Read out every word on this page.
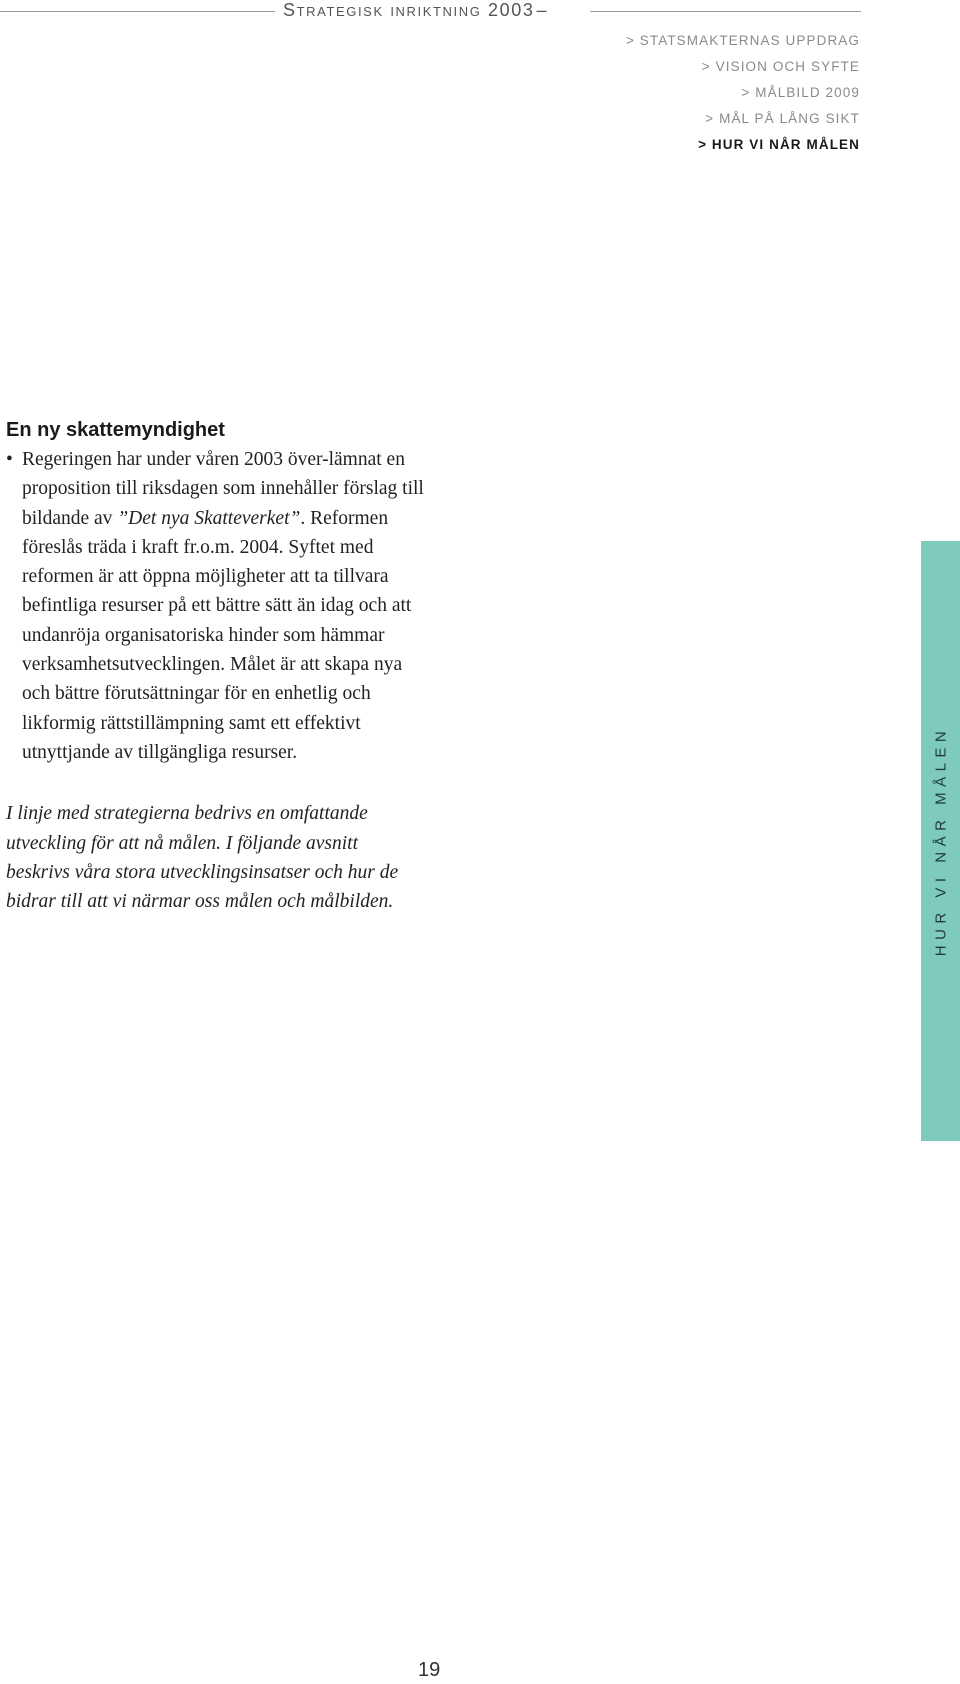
Strategisk inriktning 2003 –
> STATSMAKTERNAS UPPDRAG
> VISION OCH SYFTE
> MÅLBILD 2009
> MÅL PÅ LÅNG SIKT
> HUR VI NÅR MÅLEN
En ny skattemyndighet

• Regeringen har under våren 2003 över-lämnat en proposition till riksdagen som innehåller förslag till bildande av ”Det nya Skatteverket”. Reformen föreslås träda i kraft fr.o.m. 2004. Syftet med reformen är att öppna möjligheter att ta tillvara befintliga resurser på ett bättre sätt än idag och att undanröja organisatoriska hinder som hämmar verksamhetsutvecklingen. Målet är att skapa nya och bättre förutsättningar för en enhetlig och likformig rättstillämpning samt ett effektivt utnyttjande av tillgängliga resurser.

I linje med strategierna bedrivs en omfattande utveckling för att nå målen. I följande avsnitt beskrivs våra stora utvecklingsinsatser och hur de bidrar till att vi närmar oss målen och målbilden.	HUR VI NÅR MÅLEN
19
